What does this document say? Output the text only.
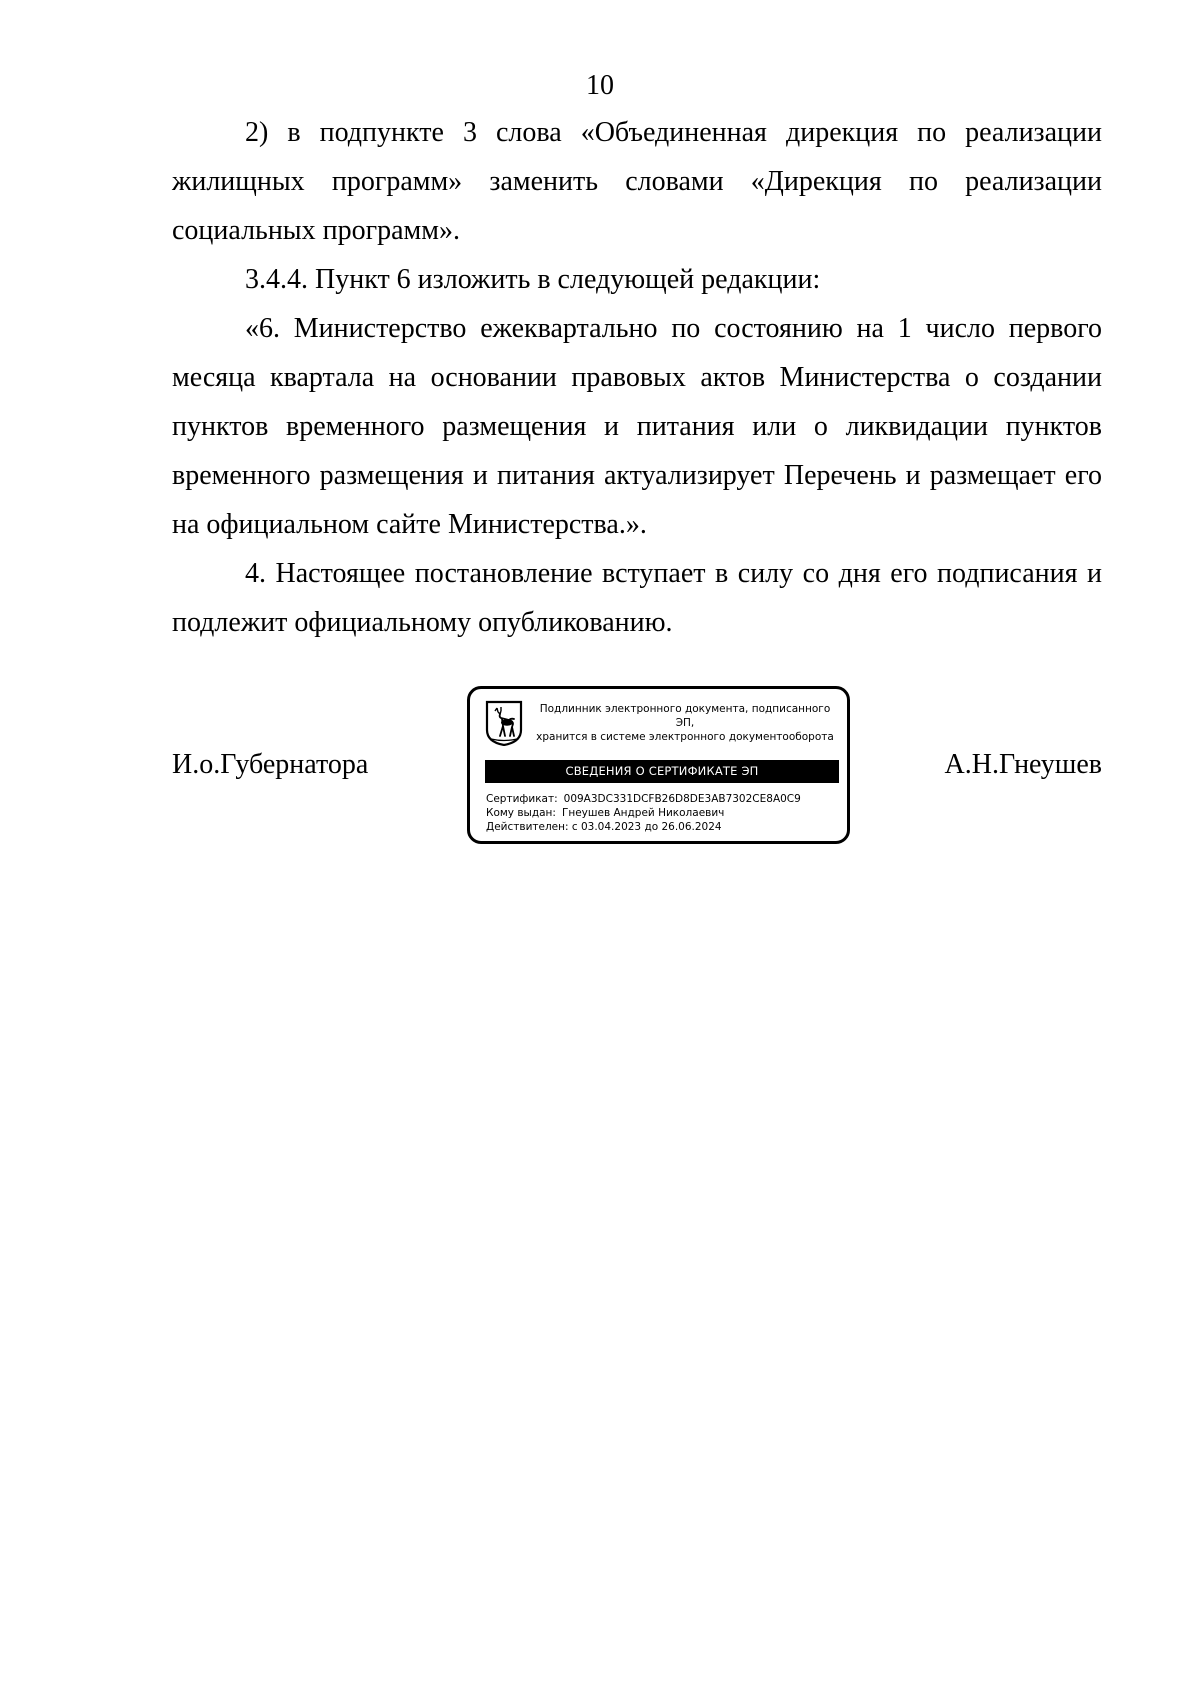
10

2) в подпункте 3 слова «Объединенная дирекция по реализации жилищных программ» заменить словами «Дирекция по реализации социальных программ».

3.4.4. Пункт 6 изложить в следующей редакции:

«6. Министерство ежеквартально по состоянию на 1 число первого месяца квартала на основании правовых актов Министерства о создании пунктов временного размещения и питания или о ликвидации пунктов временного размещения и питания актуализирует Перечень и размещает его на официальном сайте Министерства.».

4. Настоящее постановление вступает в силу со дня его подписания и подлежит официальному опубликованию.

И.о.Губернатора
Подлинник электронного документа, подписанного ЭП,
хранится в системе электронного документооборота
СВЕДЕНИЯ О СЕРТИФИКАТЕ ЭП
Сертификат: 009A3DC331DCFB26D8DE3AB7302CE8A0C9
Кому выдан: Гнеушев Андрей Николаевич
Действителен: с 03.04.2023 до 26.06.2024
А.Н.Гнеушев
